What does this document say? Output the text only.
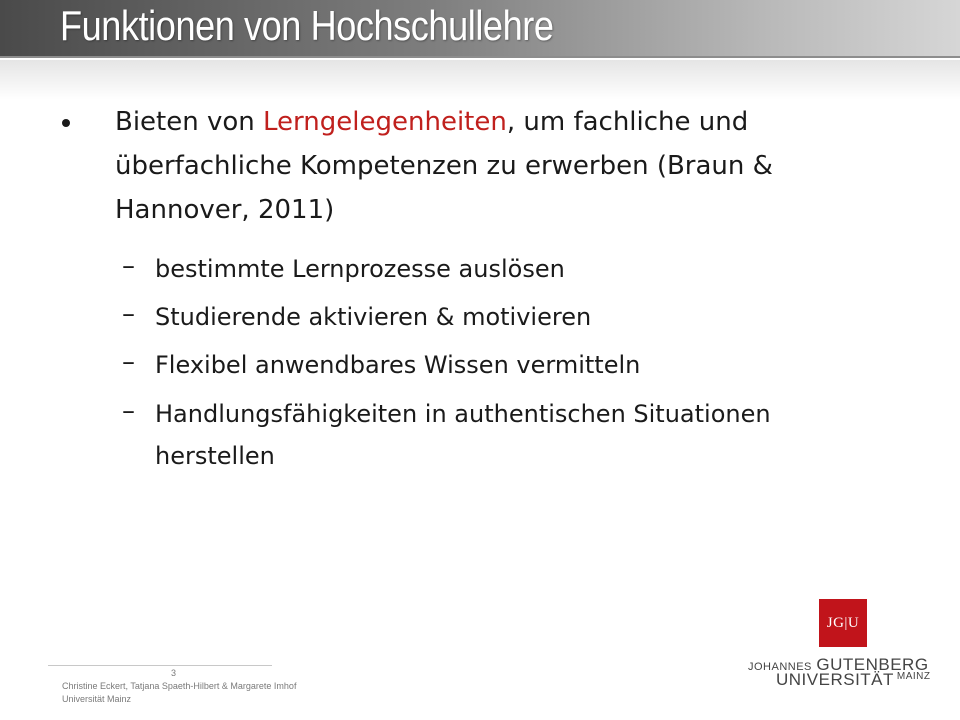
Funktionen von Hochschullehre
Bieten von Lerngelegenheiten, um fachliche und
überfachliche Kompetenzen zu erwerben (Braun &
Hannover, 2011)
– bestimmte Lernprozesse auslösen
– Studierende aktivieren & motivieren
– Flexibel anwendbares Wissen vermitteln
– Handlungsfähigkeiten in authentischen Situationen
herstellen
3
Christine Eckert, Tatjana Spaeth-Hilbert & Margarete Imhof
Universität Mainz
JG|U
JOHANNES GUTENBERG
UNIVERSITÄT $^{MAINZ}$
